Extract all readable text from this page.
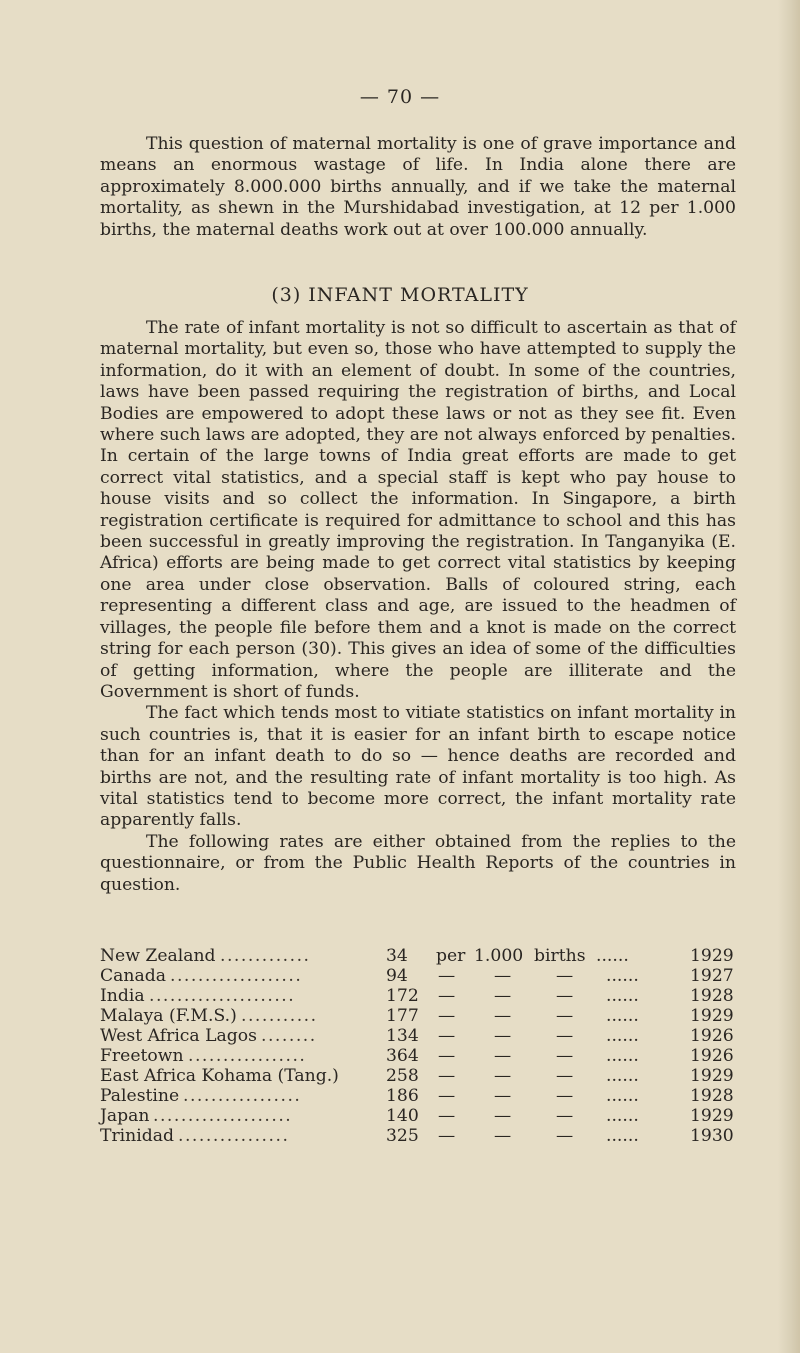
— 70 —

This question of maternal mortality is one of grave importance and means an enormous wastage of life. In India alone there are approximately 8.000.000 births annually, and if we take the maternal mortality, as shewn in the Murshidabad investigation, at 12 per 1.000 births, the maternal deaths work out at over 100.000 annually.

(3) INFANT MORTALITY

The rate of infant mortality is not so difficult to ascertain as that of maternal mortality, but even so, those who have attempted to supply the information, do it with an element of doubt. In some of the countries, laws have been passed requiring the registration of births, and Local Bodies are empowered to adopt these laws or not as they see fit. Even where such laws are adopted, they are not always enforced by penalties. In certain of the large towns of India great efforts are made to get correct vital statistics, and a special staff is kept who pay house to house visits and so collect the information. In Singapore, a birth registration certificate is required for admittance to school and this has been successful in greatly improving the registration. In Tanganyika (E. Africa) efforts are being made to get correct vital statistics by keeping one area under close observation. Balls of coloured string, each representing a different class and age, are issued to the headmen of villages, the people file before them and a knot is made on the correct string for each person (30). This gives an idea of some of the difficulties of getting information, where the people are illiterate and the Government is short of funds.

The fact which tends most to vitiate statistics on infant mortality in such countries is, that it is easier for an infant birth to escape notice than for an infant death to do so — hence deaths are recorded and births are not, and the resulting rate of infant mortality is too high. As vital statistics tend to become more correct, the infant mortality rate apparently falls.

The following rates are either obtained from the replies to the questionnaire, or from the Public Health Reports of the countries in question.

New Zealand .............	34 per 1.000 births ......	1929
Canada ...................	94 — —	— ......	1927
India .....................	172 — —	— ......	1928
Malaya (F.M.S.) ...........	177 — —	— ......	1929
West Africa Lagos ........	134 — —	— ......	1926
Freetown .................	364 — —	— ......	1926
East Africa Kohama (Tang.)	258 — —	— ......	1929
Palestine .................	186 — —	— ......	1928
Japan ....................	140 — —	— ......	1929
Trinidad ................	325 — —	— ......	1930
